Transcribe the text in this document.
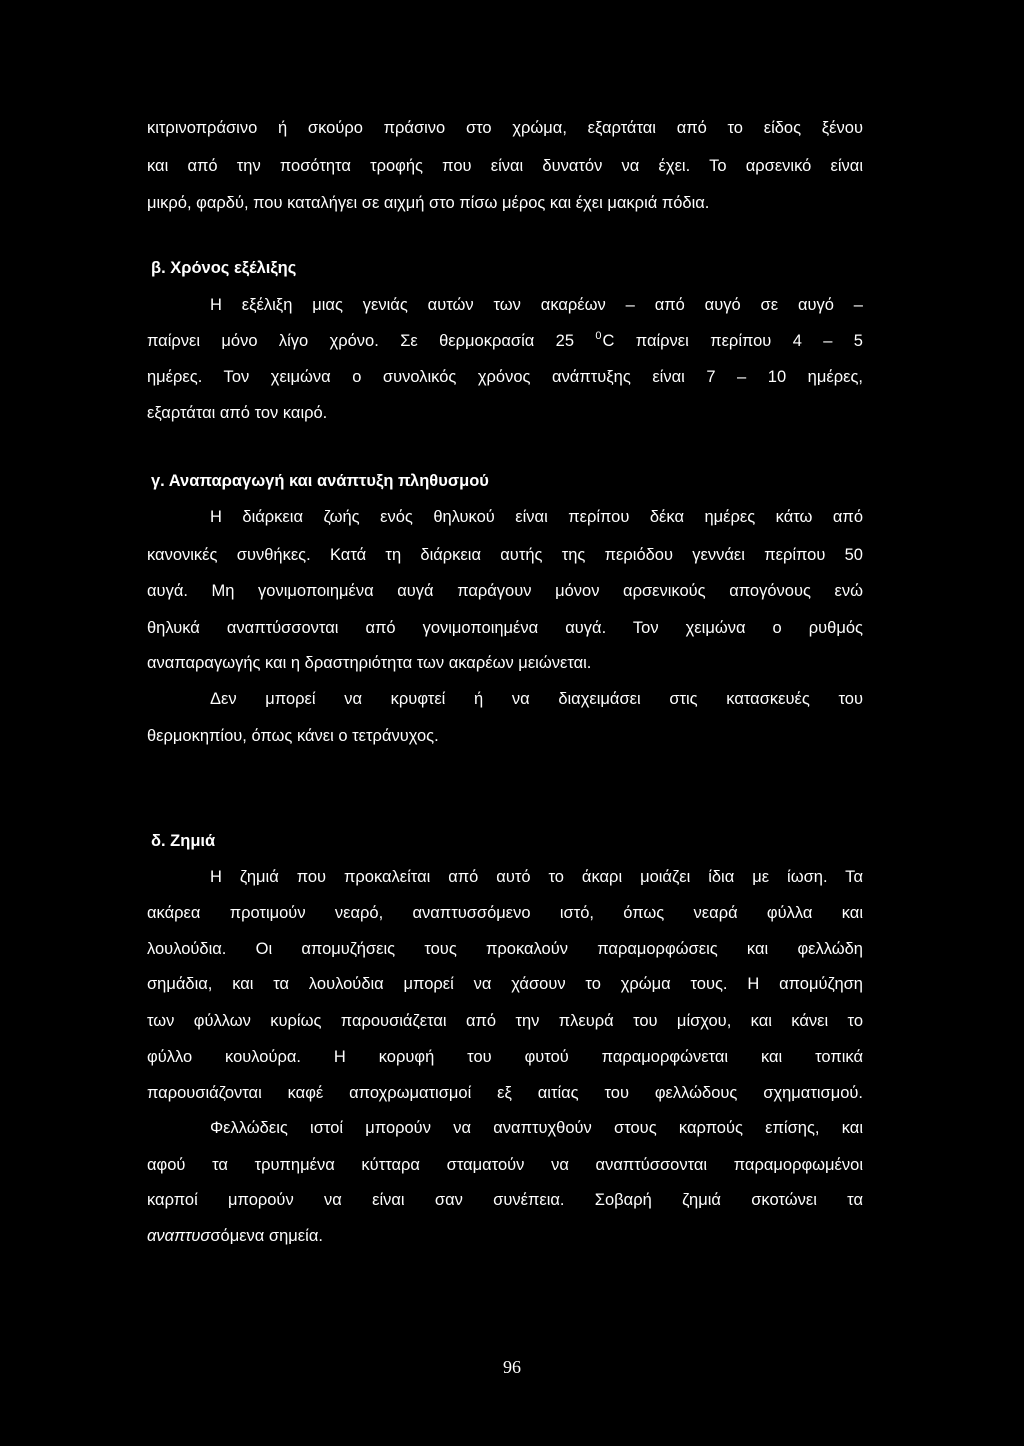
κιτρινοπράσινο ή σκούρο πράσινο στο χρώμα, εξαρτάται από το είδος ξένου
και από την ποσότητα τροφής που είναι δυνατόν να έχει. Το αρσενικό είναι
μικρό, φαρδύ, που καταλήγει σε αιχμή στο πίσω μέρος και έχει μακριά πόδια.
β. Χρόνος εξέλιξης
Η εξέλιξη μιας γενιάς αυτών των ακαρέων – από αυγό σε αυγό –
παίρνει μόνο λίγο χρόνο. Σε θερμοκρασία 25 $^0$C παίρνει περίπου 4 – 5
ημέρες. Τον χειμώνα ο συνολικός χρόνος ανάπτυξης είναι 7 – 10 ημέρες,
εξαρτάται από τον καιρό.
γ. Αναπαραγωγή και ανάπτυξη πληθυσμού
Η διάρκεια ζωής ενός θηλυκού είναι περίπου δέκα ημέρες κάτω από
κανονικές συνθήκες. Κατά τη διάρκεια αυτής της περιόδου γεννάει περίπου 50
αυγά. Μη γονιμοποιημένα αυγά παράγουν μόνον αρσενικούς απογόνους ενώ
θηλυκά αναπτύσσονται από γονιμοποιημένα αυγά. Τον χειμώνα ο ρυθμός
αναπαραγωγής και η δραστηριότητα των ακαρέων μειώνεται.
Δεν μπορεί να κρυφτεί ή να διαχειμάσει στις κατασκευές του
θερμοκηπίου, όπως κάνει ο τετράνυχος.
δ. Ζημιά
Η ζημιά που προκαλείται από αυτό το άκαρι μοιάζει ίδια με ίωση. Τα
ακάρεα προτιμούν νεαρό, αναπτυσσόμενο ιστό, όπως νεαρά φύλλα και
λουλούδια. Οι απομυζήσεις τους προκαλούν παραμορφώσεις και φελλώδη
σημάδια, και τα λουλούδια μπορεί να χάσουν το χρώμα τους. Η απομύζηση
των φύλλων κυρίως παρουσιάζεται από την πλευρά του μίσχου, και κάνει το
φύλλο κουλούρα. Η κορυφή του φυτού παραμορφώνεται και τοπικά
παρουσιάζονται καφέ αποχρωματισμοί εξ αιτίας του φελλώδους σχηματισμού.
Φελλώδεις ιστοί μπορούν να αναπτυχθούν στους καρπούς επίσης, και
αφού τα τρυπημένα κύτταρα σταματούν να αναπτύσσονται παραμορφωμένοι
καρποί μπορούν να είναι σαν συνέπεια. Σοβαρή ζημιά σκοτώνει τα
αναπτυσσόμενα σημεία.
96
